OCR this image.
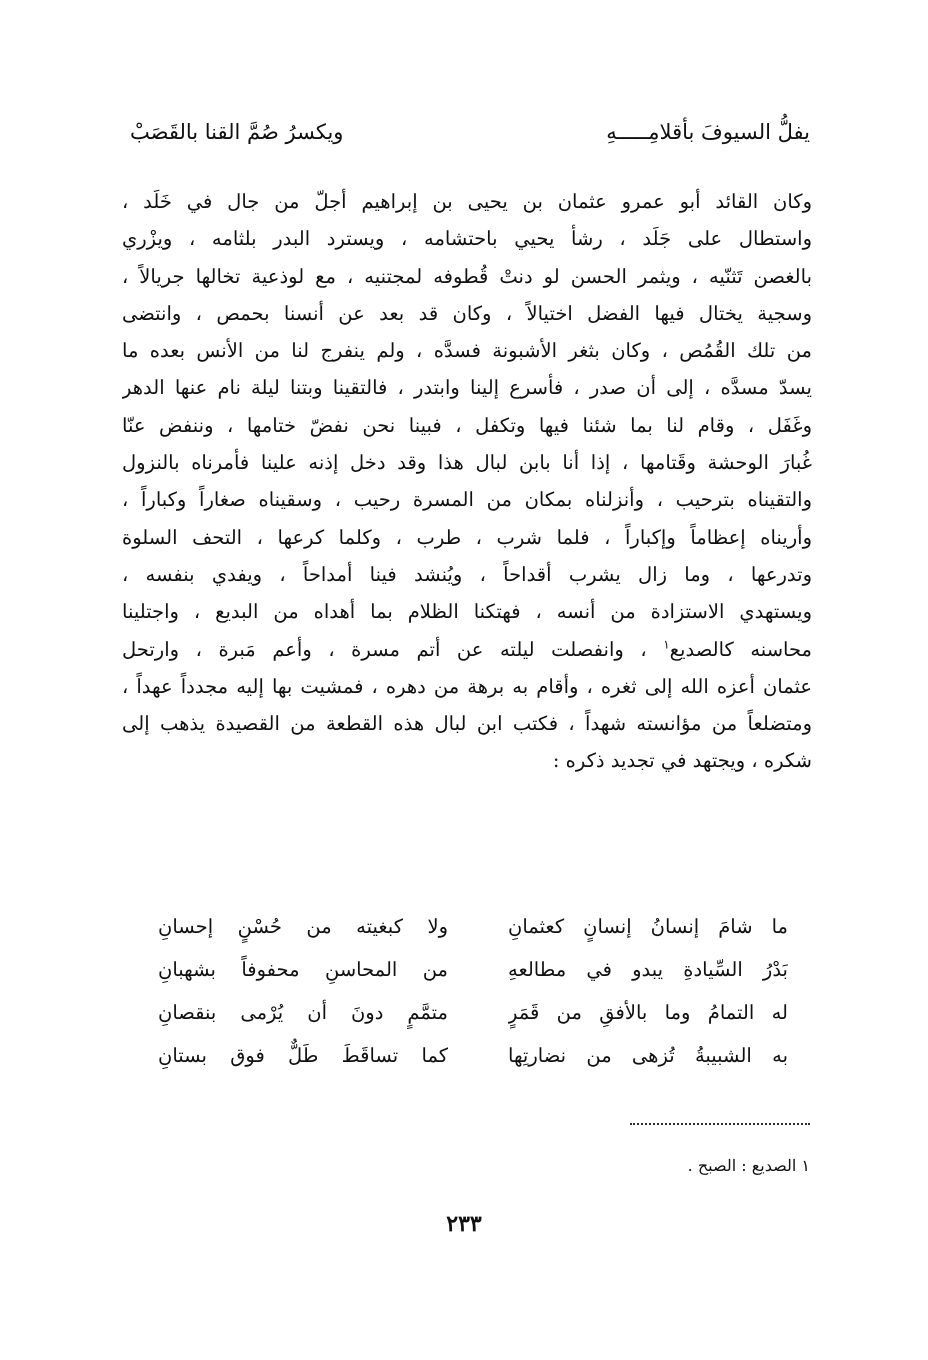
يفلُّ السيوفَ بأقلامِـــــهِ
ويكسرُ صُمَّ القنا بالقَصَبْ
وكان القائد أبو عمرو عثمان بن يحيى بن إبراهيم أجلّ من جال في خَلَد ،
واستطال على جَلَد ، رشأ يحيي باحتشامه ، ويسترد البدر بلثامه ، ويزْري
بالغصن تَثنّيه ، ويثمر الحسن لو دنتْ قُطوفه لمجتنيه ، مع لوذعية تخالها جريالاً ،
وسجية يختال فيها الفضل اختيالاً ، وكان قد بعد عن أنسنا بحمص ، وانتضى
من تلك القُمُص ، وكان بثغر الأشبونة فسدَّه ، ولم ينفرج لنا من الأنس بعده ما
يسدّ مسدَّه ، إلى أن صدر ، فأسرع إلينا وابتدر ، فالتقينا وبتنا ليلة نام عنها الدهر
وغَفَل ، وقام لنا بما شئنا فيها وتكفل ، فبينا نحن نفضّ ختامها ، وننفض عنّا
غُبارَ الوحشة وقَتامها ، إذا أنا بابن لبال هذا وقد دخل إذنه علينا فأمرناه بالنزول
والتقيناه بترحيب ، وأنزلناه بمكان من المسرة رحيب ، وسقيناه صغاراً وكباراً ،
وأريناه إعظاماً وإكباراً ، فلما شرب ، طرب ، وكلما كرعها ، التحف السلوة
وتدرعها ، وما زال يشرب أقداحاً ، ويُنشد فينا أمداحاً ، ويفدي بنفسه ،
ويستهدي الاستزادة من أنسه ، فهتكنا الظلام بما أهداه من البديع ، واجتلينا
محاسنه كالصديع$^١$ ، وانفصلت ليلته عن أتم مسرة ، وأعم مَبرة ، وارتحل
عثمان أعزه الله إلى ثغره ، وأقام به برهة من دهره ، فمشيت بها إليه مجدداً عهداً ،
ومتضلعاً من مؤانسته شهداً ، فكتب ابن لبال هذه القطعة من القصيدة يذهب إلى
شكره ، ويجتهد في تجديد ذكره :
ما شامَ إنسانُ إنسانٍ كعثمانِ
ولا كبغيته من حُسْنٍ إحسانِ
بَدْرُ السِّيادةِ يبدو في مطالعهِ
من المحاسنِ محفوفاً بشهبانِ
له التمامُ وما بالأفقِ من قَمَرٍ
متمَّمٍ دونَ أن يُرْمى بنقصانِ
به الشبيبةُ تُزهى من نضارتِها
كما تساقَطَ طَلٌّ فوق بستانِ
١ الصديع : الصبح .
٢٣٣
